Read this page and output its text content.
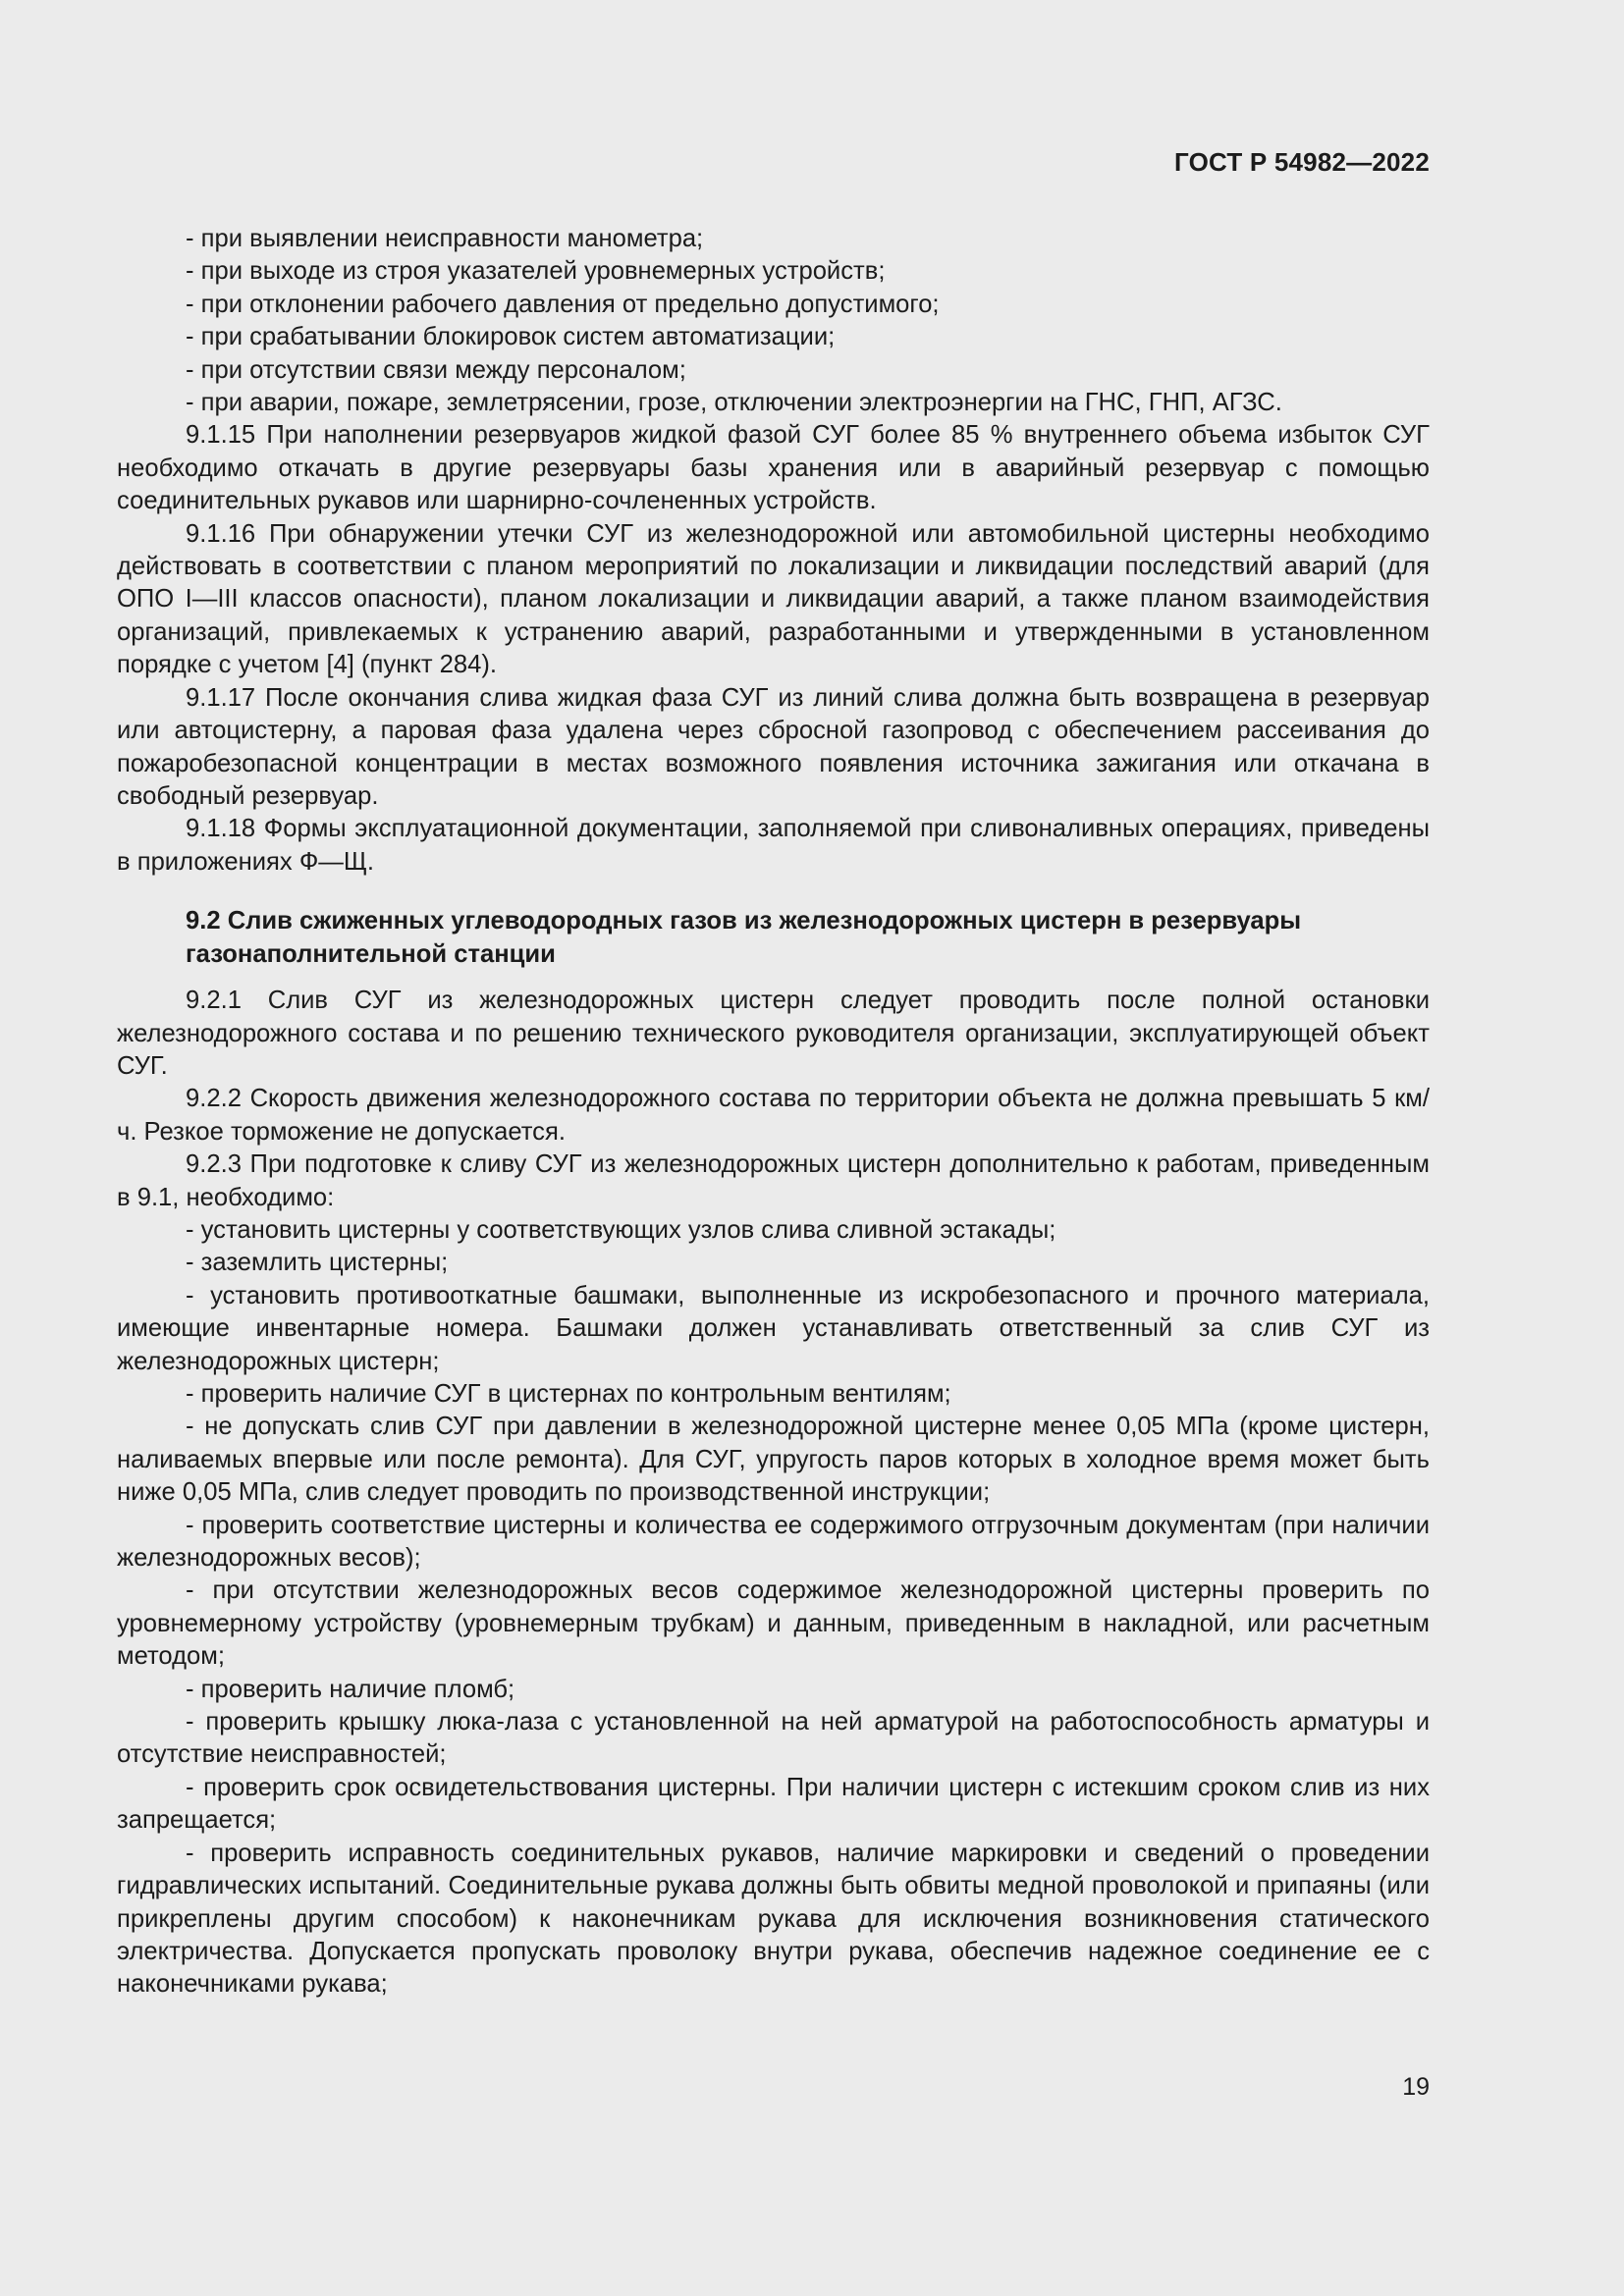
ГОСТ Р 54982—2022

- при выявлении неисправности манометра;

- при выходе из строя указателей уровнемерных устройств;

- при отклонении рабочего давления от предельно допустимого;

- при срабатывании блокировок систем автоматизации;

- при отсутствии связи между персоналом;

- при аварии, пожаре, землетрясении, грозе, отключении электроэнергии на ГНС, ГНП, АГЗС.

9.1.15 При наполнении резервуаров жидкой фазой СУГ более 85 % внутреннего объема избыток СУГ необходимо откачать в другие резервуары базы хранения или в аварийный резервуар с помощью соединительных рукавов или шарнирно-сочлененных устройств.

9.1.16 При обнаружении утечки СУГ из железнодорожной или автомобильной цистерны необходимо действовать в соответствии с планом мероприятий по локализации и ликвидации последствий аварий (для ОПО I—III классов опасности), планом локализации и ликвидации аварий, а также планом взаимодействия организаций, привлекаемых к устранению аварий, разработанными и утвержденными в установленном порядке с учетом [4] (пункт 284).

9.1.17 После окончания слива жидкая фаза СУГ из линий слива должна быть возвращена в резервуар или автоцистерну, а паровая фаза удалена через сбросной газопровод с обеспечением рассеивания до пожаробезопасной концентрации в местах возможного появления источника зажигания или откачана в свободный резервуар.

9.1.18 Формы эксплуатационной документации, заполняемой при сливоналивных операциях, приведены в приложениях Ф—Щ.

9.2 Слив сжиженных углеводородных газов из железнодорожных цистерн в резервуары газонаполнительной станции

9.2.1 Слив СУГ из железнодорожных цистерн следует проводить после полной остановки железнодорожного состава и по решению технического руководителя организации, эксплуатирующей объект СУГ.

9.2.2 Скорость движения железнодорожного состава по территории объекта не должна превышать 5 км/ч. Резкое торможение не допускается.

9.2.3 При подготовке к сливу СУГ из железнодорожных цистерн дополнительно к работам, приведенным в 9.1, необходимо:

- установить цистерны у соответствующих узлов слива сливной эстакады;

- заземлить цистерны;

- установить противооткатные башмаки, выполненные из искробезопасного и прочного материала, имеющие инвентарные номера. Башмаки должен устанавливать ответственный за слив СУГ из железнодорожных цистерн;

- проверить наличие СУГ в цистернах по контрольным вентилям;

- не допускать слив СУГ при давлении в железнодорожной цистерне менее 0,05 МПа (кроме цистерн, наливаемых впервые или после ремонта). Для СУГ, упругость паров которых в холодное время может быть ниже 0,05 МПа, слив следует проводить по производственной инструкции;

- проверить соответствие цистерны и количества ее содержимого отгрузочным документам (при наличии железнодорожных весов);

- при отсутствии железнодорожных весов содержимое железнодорожной цистерны проверить по уровнемерному устройству (уровнемерным трубкам) и данным, приведенным в накладной, или расчетным методом;

- проверить наличие пломб;

- проверить крышку люка-лаза с установленной на ней арматурой на работоспособность арматуры и отсутствие неисправностей;

- проверить срок освидетельствования цистерны. При наличии цистерн с истекшим сроком слив из них запрещается;

- проверить исправность соединительных рукавов, наличие маркировки и сведений о проведении гидравлических испытаний. Соединительные рукава должны быть обвиты медной проволокой и припаяны (или прикреплены другим способом) к наконечникам рукава для исключения возникновения статического электричества. Допускается пропускать проволоку внутри рукава, обеспечив надежное соединение ее с наконечниками рукава;

19
